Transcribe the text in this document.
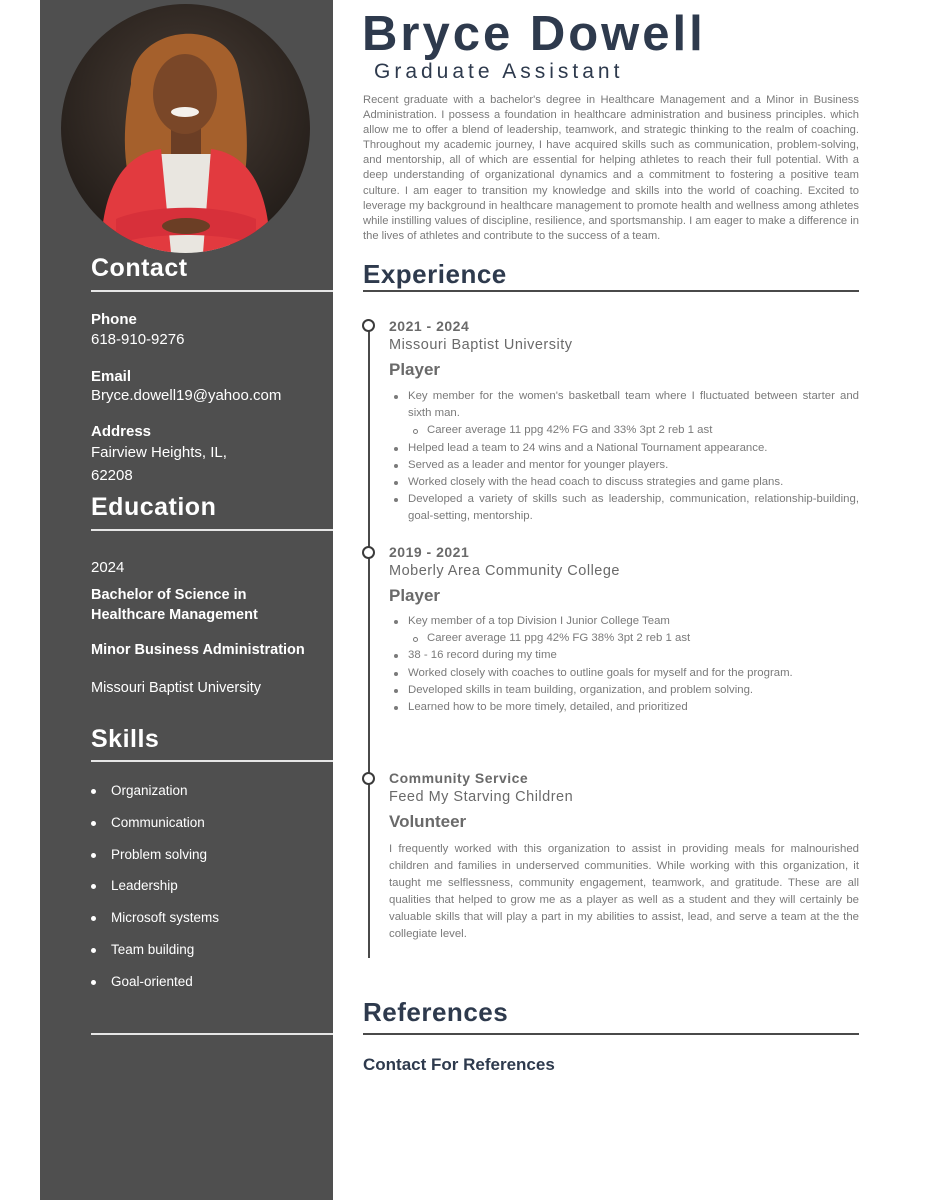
Contact
Phone
618-910-9276
Email
Bryce.dowell19@yahoo.com
Address
Fairview Heights, IL,
62208
Education
2024
Bachelor of Science in
Healthcare Management
Minor Business Administration
Missouri Baptist University
Skills
Organization
Communication
Problem solving
Leadership
Microsoft systems
Team building
Goal-oriented
Bryce Dowell
Graduate Assistant

Recent graduate with a bachelor's degree in Healthcare Management and a Minor in Business Administration. I possess a foundation in healthcare administration and business principles. which allow me to offer a blend of leadership, teamwork, and strategic thinking to the realm of coaching. Throughout my academic journey, I have acquired skills such as communication, problem-solving, and mentorship, all of which are essential for helping athletes to reach their full potential. With a deep understanding of organizational dynamics and a commitment to fostering a positive team culture. I am eager to transition my knowledge and skills into the world of coaching. Excited to leverage my background in healthcare management to promote health and wellness among athletes while instilling values of discipline, resilience, and sportsmanship. I am eager to make a difference in the lives of athletes and contribute to the success of a team.

Experience
2021 - 2024
Missouri Baptist University
Player
Key member for the women's basketball team where I fluctuated between starter and sixth man.
Career average 11 ppg 42% FG and 33% 3pt 2 reb 1 ast
Helped lead a team to 24 wins and a National Tournament appearance.
Served as a leader and mentor for younger players.
Worked closely with the head coach to discuss strategies and game plans.
Developed a variety of skills such as leadership, communication, relationship-building, goal-setting, mentorship.
2019 - 2021
Moberly Area Community College
Player
Key member of a top Division I Junior College Team
Career average 11 ppg 42% FG 38% 3pt 2 reb 1 ast
38 - 16 record during my time
Worked closely with coaches to outline goals for myself and for the program.
Developed skills in team building, organization, and problem solving.
Learned how to be more timely, detailed, and prioritized
Community Service
Feed My Starving Children
Volunteer

I frequently worked with this organization to assist in providing meals for malnourished children and families in underserved communities. While working with this organization, it taught me selflessness, community engagement, teamwork, and gratitude. These are all qualities that helped to grow me as a player as well as a student and they will certainly be valuable skills that will play a part in my abilities to assist, lead, and serve a team at the the collegiate level.

References
Contact For References
